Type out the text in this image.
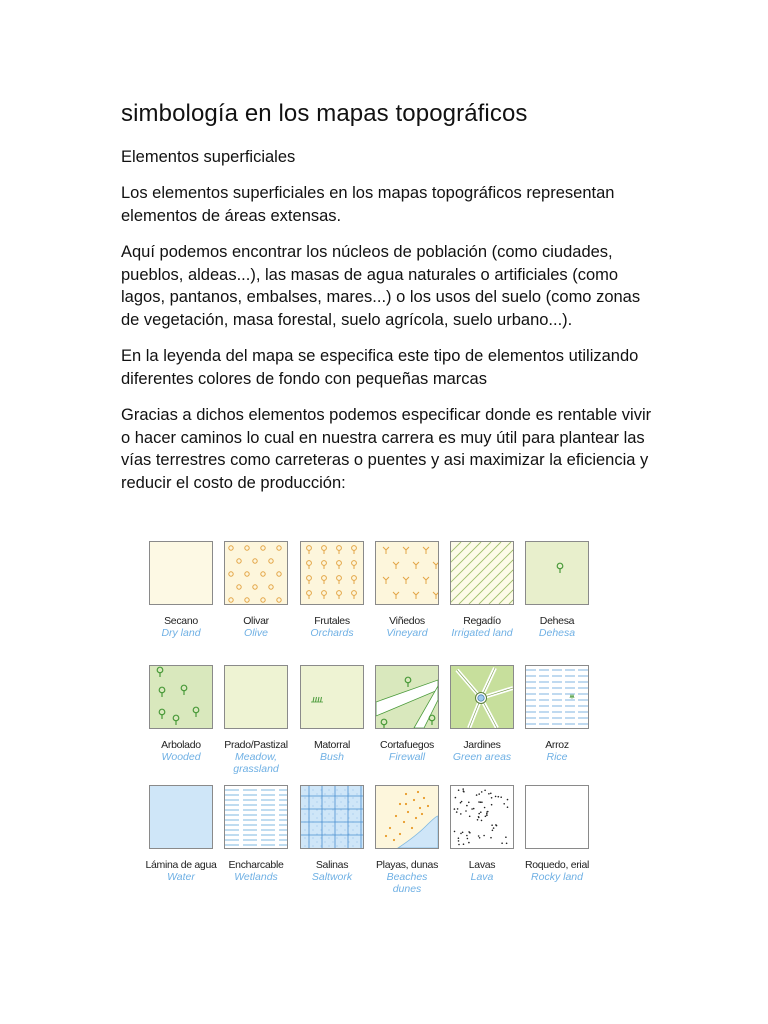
simbología en los mapas topográficos

Elementos superficiales

Los elementos superficiales en los mapas topográficos representan elementos de áreas extensas.

Aquí podemos encontrar los núcleos de población (como ciudades, pueblos, aldeas...), las masas de agua naturales o artificiales (como lagos, pantanos, embalses, mares...) o los usos del suelo (como zonas de vegetación, masa forestal, suelo agrícola, suelo urbano...).

En la leyenda del mapa se especifica este tipo de elementos utilizando diferentes colores de fondo con pequeñas marcas

Gracias a dichos elementos podemos especificar donde es rentable vivir o hacer caminos lo cual en nuestra carrera es muy útil para plantear las vías terrestres como carreteras o puentes y asi maximizar la eficiencia y reducir el costo de producción:

Secano
Dry land
Olivar
Olive
Frutales
Orchards
Viñedos
Vineyard
Regadío
Irrigated land
Dehesa
Dehesa
Arbolado
Wooded
Prado/Pastizal
Meadow, grassland
Matorral
Bush
Cortafuegos
Firewall
Jardines
Green areas
Arroz
Rice
Lámina de agua
Water
Encharcable
Wetlands
Salinas
Saltwork
Playas, dunas
Beaches dunes
Lavas
Lava
Roquedo, erial
Rocky land
